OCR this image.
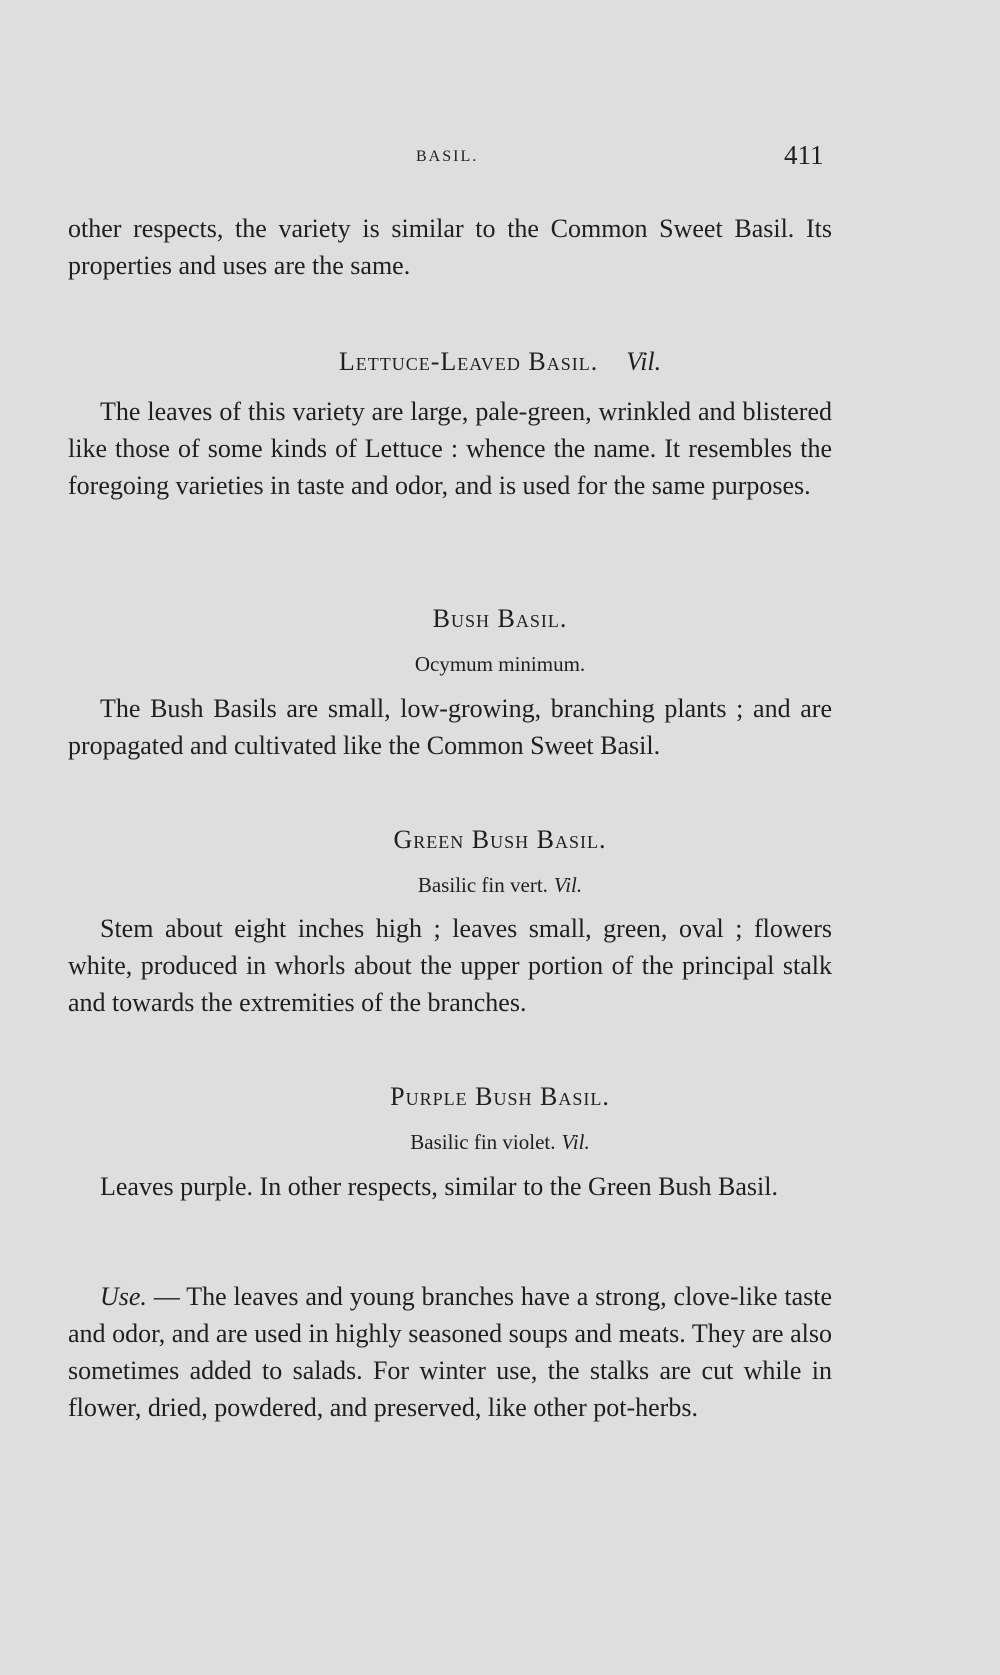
BASIL.	411

other respects, the variety is similar to the Common Sweet Basil. Its properties and uses are the same.

Lettuce-Leaved Basil. Vil.

The leaves of this variety are large, pale-green, wrinkled and blistered like those of some kinds of Lettuce : whence the name. It resembles the foregoing varieties in taste and odor, and is used for the same purposes.

Bush Basil.
Ocymum minimum.

The Bush Basils are small, low-growing, branching plants ; and are propagated and cultivated like the Common Sweet Basil.

Green Bush Basil.
Basilic fin vert. Vil.

Stem about eight inches high ; leaves small, green, oval ; flowers white, produced in whorls about the upper portion of the principal stalk and towards the extremities of the branches.

Purple Bush Basil.
Basilic fin violet. Vil.

Leaves purple. In other respects, similar to the Green Bush Basil.

Use. — The leaves and young branches have a strong, clove-like taste and odor, and are used in highly seasoned soups and meats. They are also sometimes added to salads. For winter use, the stalks are cut while in flower, dried, powdered, and preserved, like other pot-herbs.
